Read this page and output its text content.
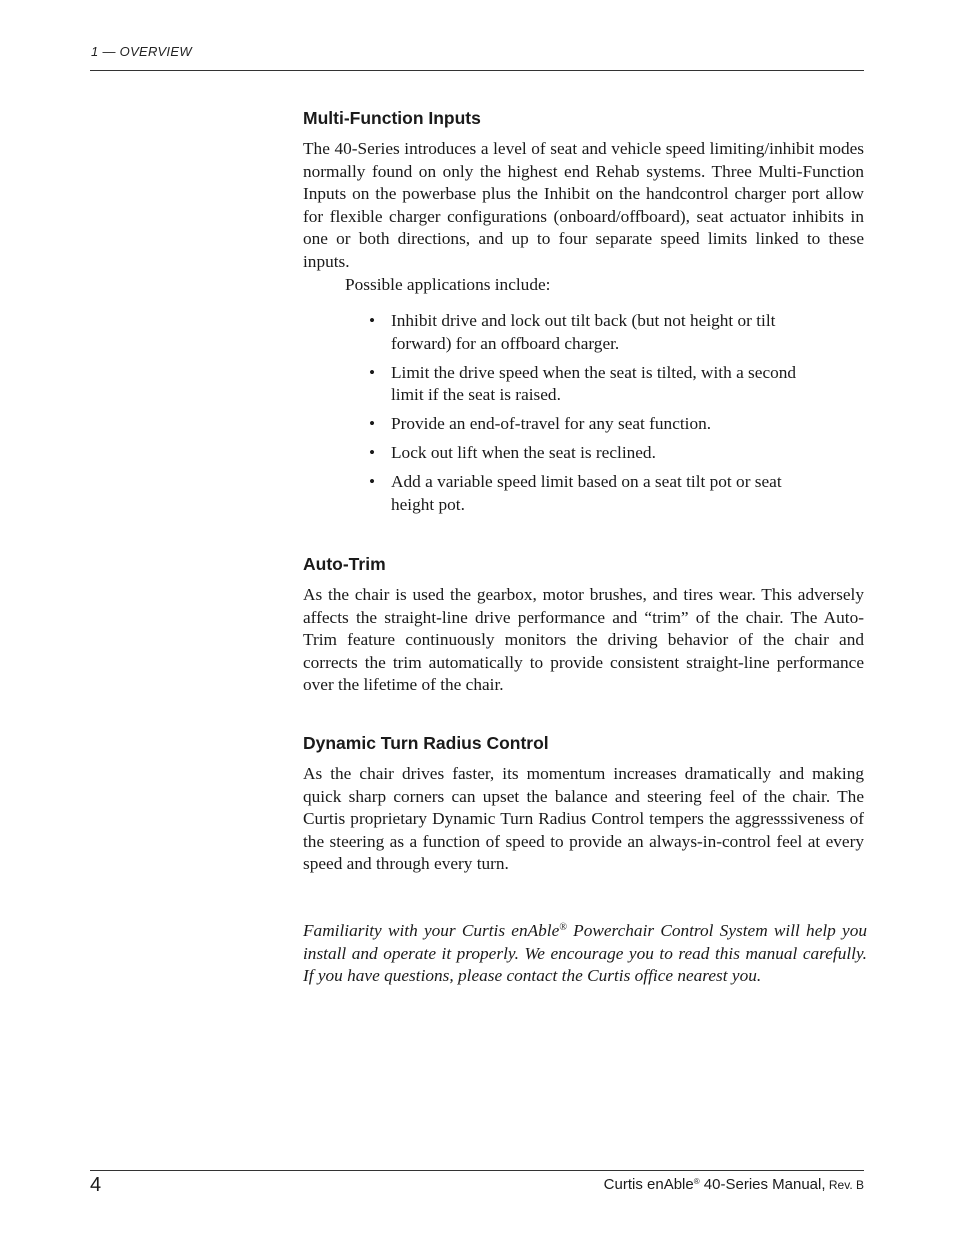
1 — OVERVIEW
Multi-Function Inputs

The 40-Series introduces a level of seat and vehicle speed limiting/inhibit modes normally found on only the highest end Rehab systems. Three Multi-Function Inputs on the powerbase plus the Inhibit on the handcontrol charger port allow for flexible charger configurations (onboard/offboard), seat actuator inhibits in one or both directions, and up to four separate speed limits linked to these inputs.

Possible applications include:

• Inhibit drive and lock out tilt back (but not height or tilt forward) for an offboard charger.
• Limit the drive speed when the seat is tilted, with a second limit if the seat is raised.
• Provide an end-of-travel for any seat function.
• Lock out lift when the seat is reclined.
• Add a variable speed limit based on a seat tilt pot or seat height pot.
Auto-Trim

As the chair is used the gearbox, motor brushes, and tires wear. This adversely affects the straight-line drive performance and “trim” of the chair. The Auto-Trim feature continuously monitors the driving behavior of the chair and corrects the trim automatically to provide consistent straight-line performance over the lifetime of the chair.

Dynamic Turn Radius Control

As the chair drives faster, its momentum increases dramatically and making quick sharp corners can upset the balance and steering feel of the chair. The Curtis proprietary Dynamic Turn Radius Control tempers the aggresssiveness of the steering as a function of speed to provide an always-in-control feel at every speed and through every turn.

Familiarity with your Curtis enAble® Powerchair Control System will help you install and operate it properly. We encourage you to read this manual carefully. If you have questions, please contact the Curtis office nearest you.

4	Curtis enAble® 40-Series Manual, Rev. B
